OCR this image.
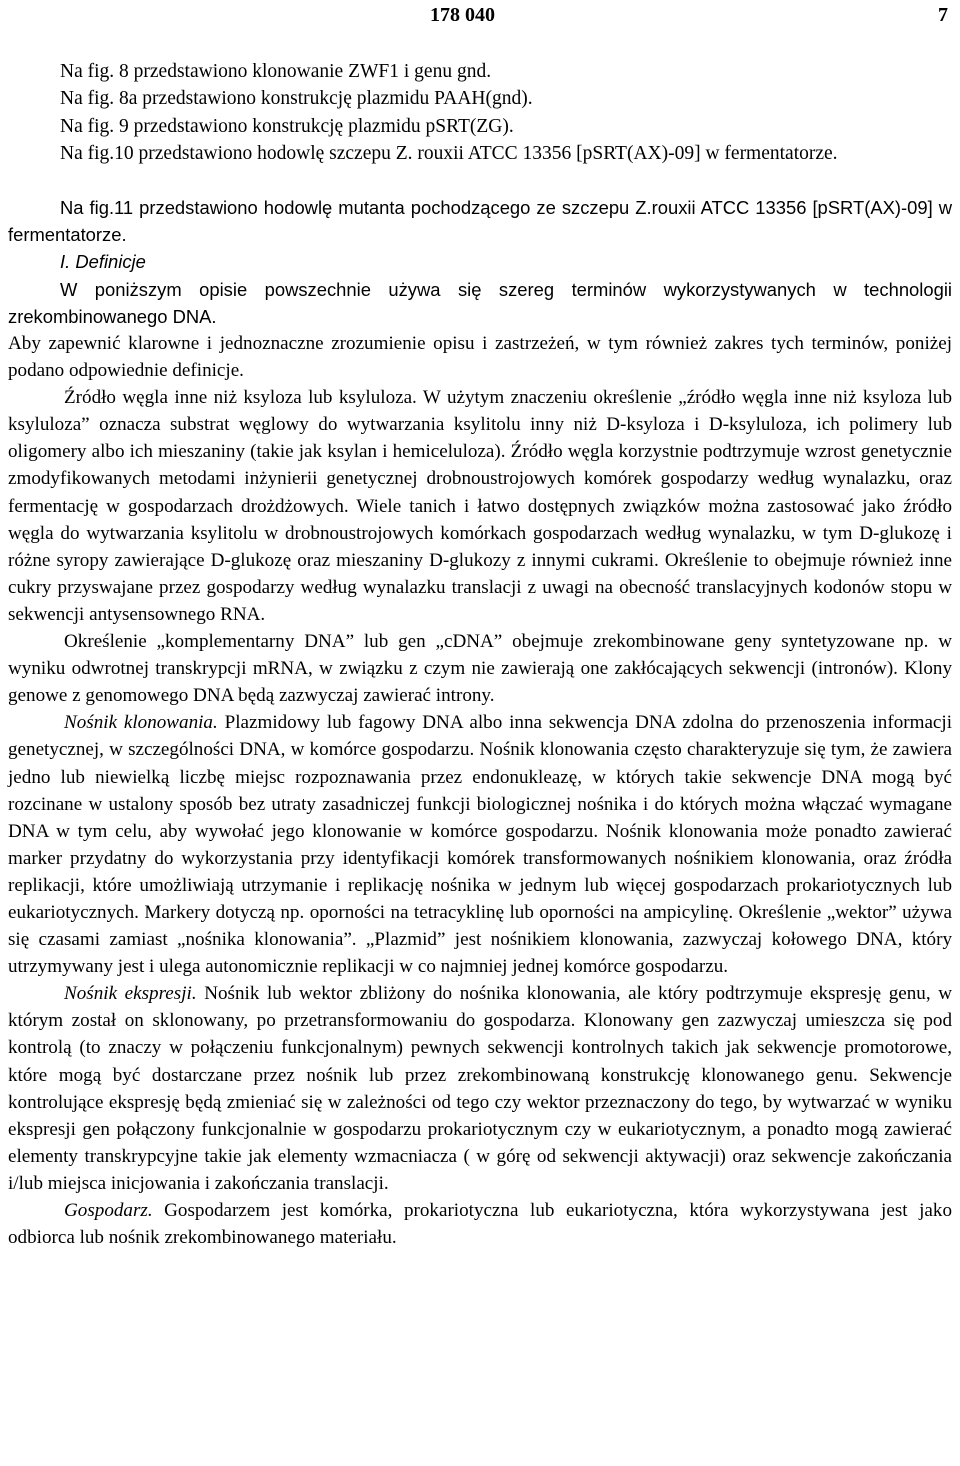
178 040	7

Na fig. 8 przedstawiono klonowanie ZWF1 i genu gnd.

Na fig. 8a przedstawiono konstrukcję plazmidu PAAH(gnd).

Na fig. 9 przedstawiono konstrukcję plazmidu pSRT(ZG).

Na fig.10 przedstawiono hodowlę szczepu Z. rouxii ATCC 13356 [pSRT(AX)-09] w fermentatorze.

Na fig.11 przedstawiono hodowlę mutanta pochodzącego ze szczepu Z.rouxii ATCC 13356 [pSRT(AX)-09] w fermentatorze.

I. Definicje

W poniższym opisie powszechnie używa się szereg terminów wykorzystywanych w technologii zrekombinowanego DNA.

Aby zapewnić klarowne i jednoznaczne zrozumienie opisu i zastrzeżeń, w tym również zakres tych terminów, poniżej podano odpowiednie definicje.

Źródło węgla inne niż ksyloza lub ksyluloza. W użytym znaczeniu określenie „źródło węgla inne niż ksyloza lub ksyluloza” oznacza substrat węglowy do wytwarzania ksylitolu inny niż D-ksyloza i D-ksyluloza, ich polimery lub oligomery albo ich mieszaniny (takie jak ksylan i hemiceluloza). Źródło węgla korzystnie podtrzymuje wzrost genetycznie zmodyfikowanych metodami inżynierii genetycznej drobnoustrojowych komórek gospodarzy według wynalazku, oraz fermentację w gospodarzach drożdżowych. Wiele tanich i łatwo dostępnych związków można zastosować jako źródło węgla do wytwarzania ksylitolu w drobnoustrojowych komórkach gospodarzach według wynalazku, w tym D-glukozę i różne syropy zawierające D-glukozę oraz mieszaniny D-glukozy z innymi cukrami. Określenie to obejmuje również inne cukry przyswajane przez gospodarzy według wynalazku translacji z uwagi na obecność translacyjnych kodonów stopu w sekwencji antysensownego RNA.

Określenie „komplementarny DNA” lub gen „cDNA” obejmuje zrekombinowane geny syntetyzowane np. w wyniku odwrotnej transkrypcji mRNA, w związku z czym nie zawierają one zakłócających sekwencji (intronów). Klony genowe z genomowego DNA będą zazwyczaj zawierać introny.

Nośnik klonowania. Plazmidowy lub fagowy DNA albo inna sekwencja DNA zdolna do przenoszenia informacji genetycznej, w szczególności DNA, w komórce gospodarzu. Nośnik klonowania często charakteryzuje się tym, że zawiera jedno lub niewielką liczbę miejsc rozpoznawania przez endonukleazę, w których takie sekwencje DNA mogą być rozcinane w ustalony sposób bez utraty zasadniczej funkcji biologicznej nośnika i do których można włączać wymagane DNA w tym celu, aby wywołać jego klonowanie w komórce gospodarzu. Nośnik klonowania może ponadto zawierać marker przydatny do wykorzystania przy identyfikacji komórek transformowanych nośnikiem klonowania, oraz źródła replikacji, które umożliwiają utrzymanie i replikację nośnika w jednym lub więcej gospodarzach prokariotycznych lub eukariotycznych. Markery dotyczą np. oporności na tetracyklinę lub oporności na ampicylinę. Określenie „wektor” używa się czasami zamiast „nośnika klonowania”. „Plazmid” jest nośnikiem klonowania, zazwyczaj kołowego DNA, który utrzymywany jest i ulega autonomicznie replikacji w co najmniej jednej komórce gospodarzu.

Nośnik ekspresji. Nośnik lub wektor zbliżony do nośnika klonowania, ale który podtrzymuje ekspresję genu, w którym został on sklonowany, po przetransformowaniu do gospodarza. Klonowany gen zazwyczaj umieszcza się pod kontrolą (to znaczy w połączeniu funkcjonalnym) pewnych sekwencji kontrolnych takich jak sekwencje promotorowe, które mogą być dostarczane przez nośnik lub przez zrekombinowaną konstrukcję klonowanego genu. Sekwencje kontrolujące ekspresję będą zmieniać się w zależności od tego czy wektor przeznaczony do tego, by wytwarzać w wyniku ekspresji gen połączony funkcjonalnie w gospodarzu prokariotycznym czy w eukariotycznym, a ponadto mogą zawierać elementy transkrypcyjne takie jak elementy wzmacniacza ( w górę od sekwencji aktywacji) oraz sekwencje zakończania i/lub miejsca inicjowania i zakończania translacji.

Gospodarz. Gospodarzem jest komórka, prokariotyczna lub eukariotyczna, która wykorzystywana jest jako odbiorca lub nośnik zrekombinowanego materiału.
